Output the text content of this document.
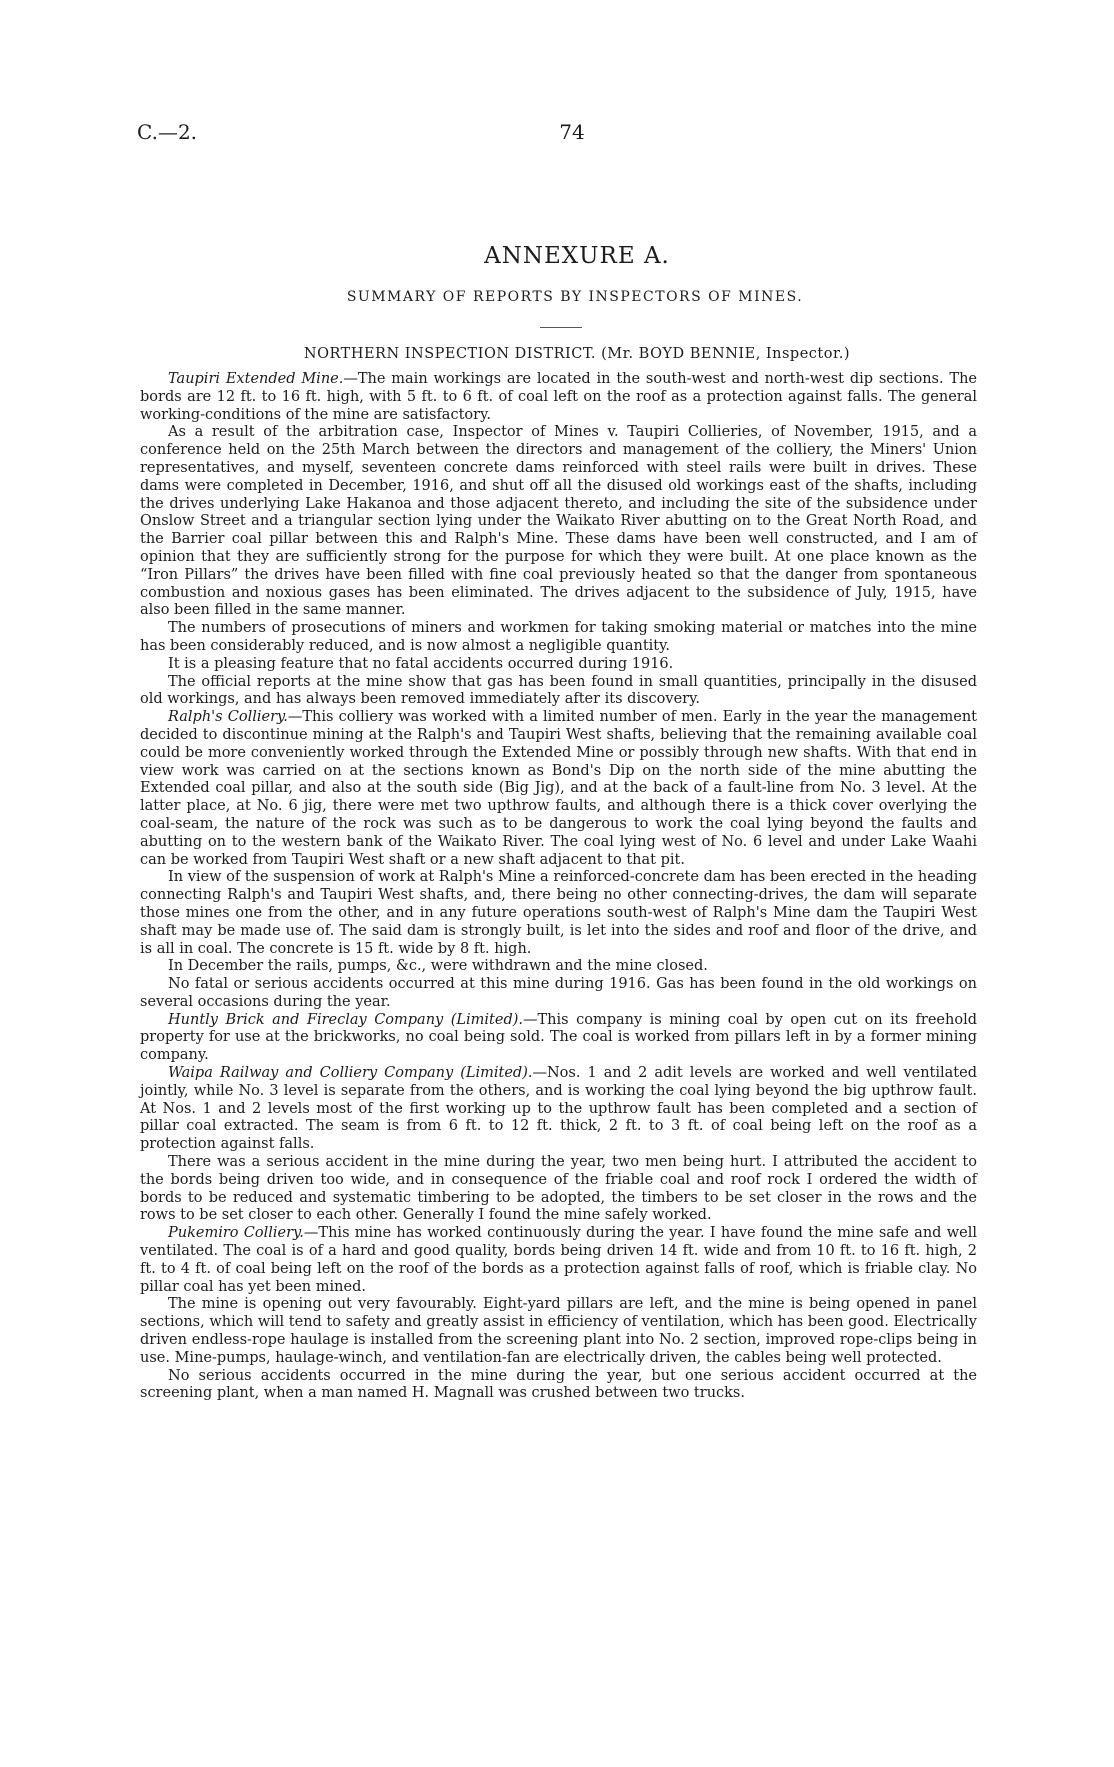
C.—2.	74
ANNEXURE A.
SUMMARY OF REPORTS BY INSPECTORS OF MINES.
NORTHERN INSPECTION DISTRICT. (Mr. BOYD BENNIE, Inspector.)

Taupiri Extended Mine.—The main workings are located in the south-west and north-west dip sections. The bords are 12 ft. to 16 ft. high, with 5 ft. to 6 ft. of coal left on the roof as a protection against falls. The general working-conditions of the mine are satisfactory.

As a result of the arbitration case, Inspector of Mines v. Taupiri Collieries, of November, 1915, and a conference held on the 25th March between the directors and management of the colliery, the Miners' Union representatives, and myself, seventeen concrete dams reinforced with steel rails were built in drives. These dams were completed in December, 1916, and shut off all the disused old workings east of the shafts, including the drives underlying Lake Hakanoa and those adjacent thereto, and including the site of the subsidence under Onslow Street and a triangular section lying under the Waikato River abutting on to the Great North Road, and the Barrier coal pillar between this and Ralph's Mine. These dams have been well constructed, and I am of opinion that they are sufficiently strong for the purpose for which they were built. At one place known as the “Iron Pillars” the drives have been filled with fine coal previously heated so that the danger from spontaneous combustion and noxious gases has been eliminated. The drives adjacent to the subsidence of July, 1915, have also been filled in the same manner.

The numbers of prosecutions of miners and workmen for taking smoking material or matches into the mine has been considerably reduced, and is now almost a negligible quantity.

It is a pleasing feature that no fatal accidents occurred during 1916.

The official reports at the mine show that gas has been found in small quantities, principally in the disused old workings, and has always been removed immediately after its discovery.

Ralph's Colliery.—This colliery was worked with a limited number of men. Early in the year the management decided to discontinue mining at the Ralph's and Taupiri West shafts, believing that the remaining available coal could be more conveniently worked through the Extended Mine or possibly through new shafts. With that end in view work was carried on at the sections known as Bond's Dip on the north side of the mine abutting the Extended coal pillar, and also at the south side (Big Jig), and at the back of a fault-line from No. 3 level. At the latter place, at No. 6 jig, there were met two upthrow faults, and although there is a thick cover overlying the coal-seam, the nature of the rock was such as to be dangerous to work the coal lying beyond the faults and abutting on to the western bank of the Waikato River. The coal lying west of No. 6 level and under Lake Waahi can be worked from Taupiri West shaft or a new shaft adjacent to that pit.

In view of the suspension of work at Ralph's Mine a reinforced-concrete dam has been erected in the heading connecting Ralph's and Taupiri West shafts, and, there being no other connecting-drives, the dam will separate those mines one from the other, and in any future operations south-west of Ralph's Mine dam the Taupiri West shaft may be made use of. The said dam is strongly built, is let into the sides and roof and floor of the drive, and is all in coal. The concrete is 15 ft. wide by 8 ft. high.

In December the rails, pumps, &c., were withdrawn and the mine closed.

No fatal or serious accidents occurred at this mine during 1916. Gas has been found in the old workings on several occasions during the year.

Huntly Brick and Fireclay Company (Limited).—This company is mining coal by open cut on its freehold property for use at the brickworks, no coal being sold. The coal is worked from pillars left in by a former mining company.

Waipa Railway and Colliery Company (Limited).—Nos. 1 and 2 adit levels are worked and well ventilated jointly, while No. 3 level is separate from the others, and is working the coal lying beyond the big upthrow fault. At Nos. 1 and 2 levels most of the first working up to the upthrow fault has been completed and a section of pillar coal extracted. The seam is from 6 ft. to 12 ft. thick, 2 ft. to 3 ft. of coal being left on the roof as a protection against falls.

There was a serious accident in the mine during the year, two men being hurt. I attributed the accident to the bords being driven too wide, and in consequence of the friable coal and roof rock I ordered the width of bords to be reduced and systematic timbering to be adopted, the timbers to be set closer in the rows and the rows to be set closer to each other. Generally I found the mine safely worked.

Pukemiro Colliery.—This mine has worked continuously during the year. I have found the mine safe and well ventilated. The coal is of a hard and good quality, bords being driven 14 ft. wide and from 10 ft. to 16 ft. high, 2 ft. to 4 ft. of coal being left on the roof of the bords as a protection against falls of roof, which is friable clay. No pillar coal has yet been mined.

The mine is opening out very favourably. Eight-yard pillars are left, and the mine is being opened in panel sections, which will tend to safety and greatly assist in efficiency of ventilation, which has been good. Electrically driven endless-rope haulage is installed from the screening plant into No. 2 section, improved rope-clips being in use. Mine-pumps, haulage-winch, and ventilation-fan are electrically driven, the cables being well protected.

No serious accidents occurred in the mine during the year, but one serious accident occurred at the screening plant, when a man named H. Magnall was crushed between two trucks.
